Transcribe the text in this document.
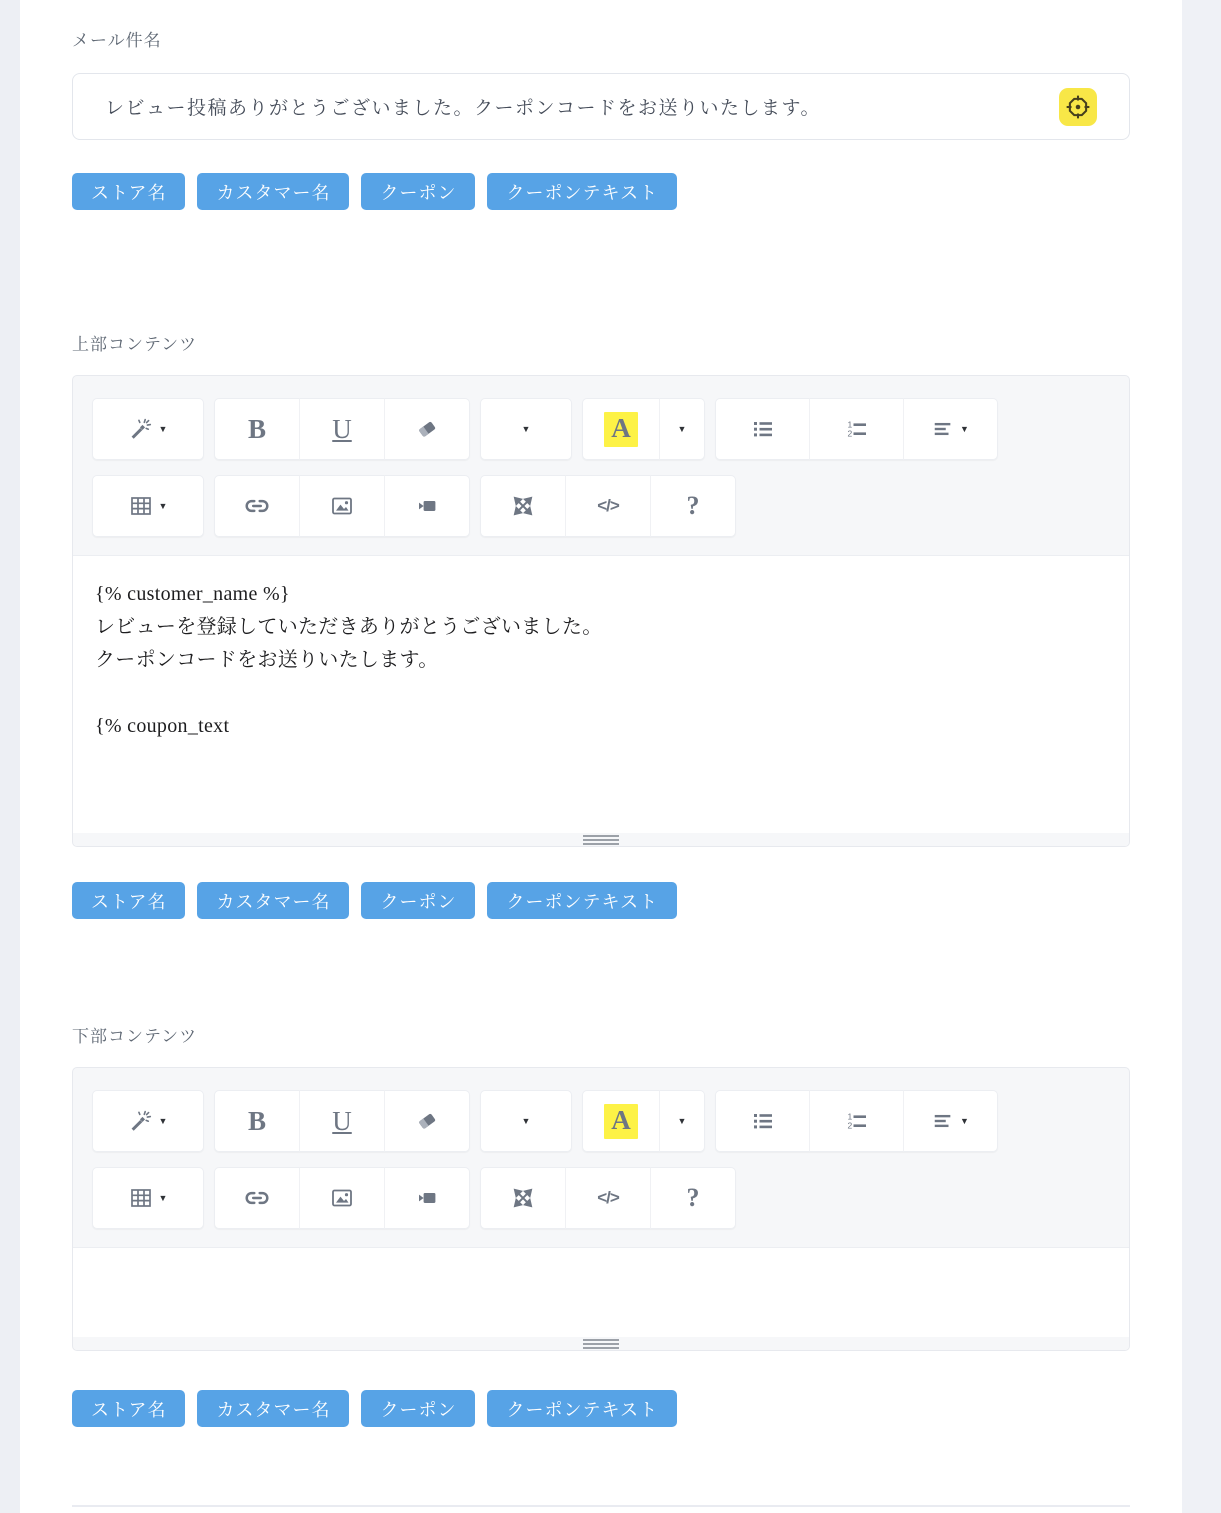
メール件名
レビュー投稿ありがとうございました。クーポンコードをお送りいたします。
ストア名	カスタマー名	クーポン	クーポンテキスト
上部コンテンツ
▼	B U	▼	A	▼	1
2	▼
▼	</>	?
{% customer_name %}
レビューを登録していただきありがとうございました。
クーポンコードをお送りいたします。
{% coupon_text
ストア名	カスタマー名	クーポン	クーポンテキスト
下部コンテンツ
▼	B U	▼	A	▼	1
2	▼
▼	</>	?
ストア名	カスタマー名	クーポン	クーポンテキスト
